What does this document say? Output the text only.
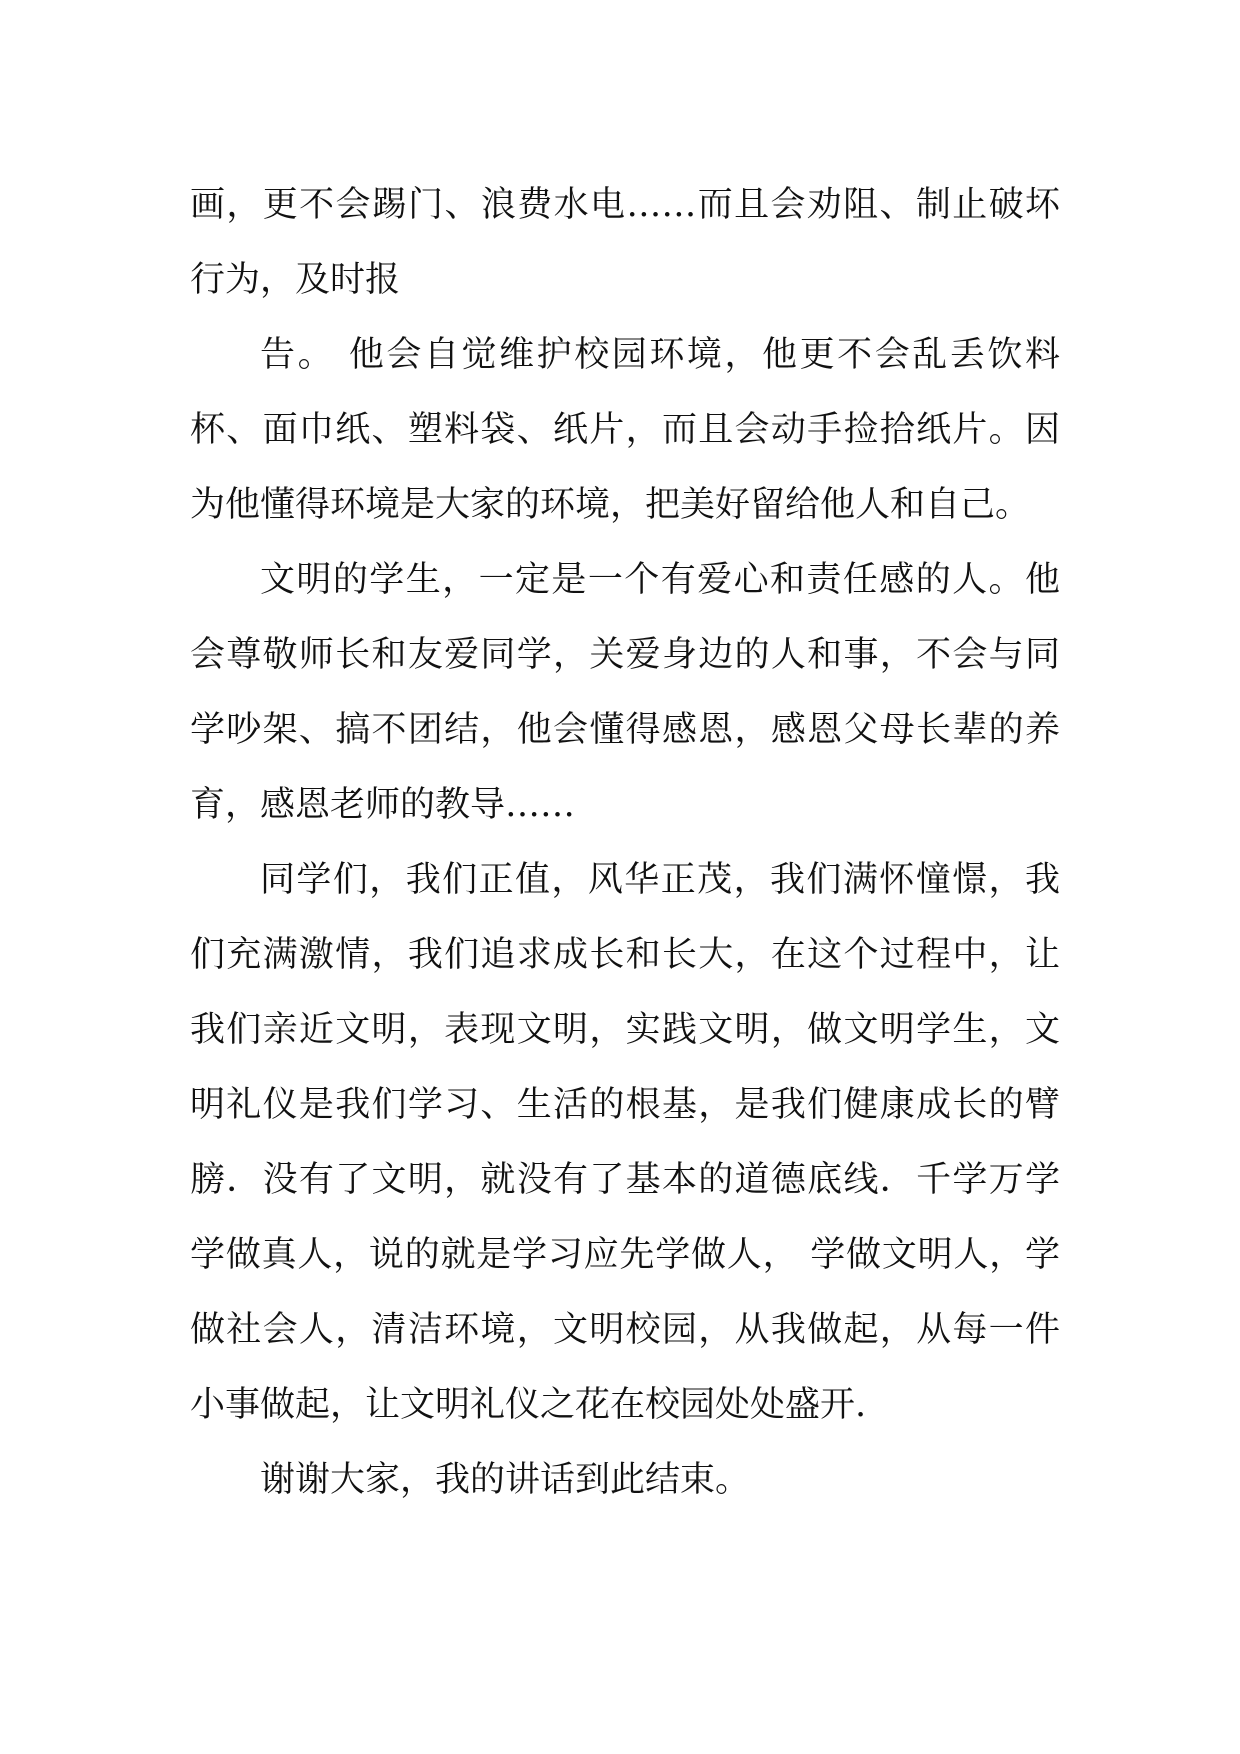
画，更不会踢门、浪费水电……而且会劝阻、制止破坏行为，及时报

告。 他会自觉维护校园环境，他更不会乱丢饮料杯、面巾纸、塑料袋、纸片，而且会动手捡拾纸片。因为他懂得环境是大家的环境，把美好留给他人和自己。

文明的学生，一定是一个有爱心和责任感的人。他会尊敬师长和友爱同学，关爱身边的人和事，不会与同学吵架、搞不团结，他会懂得感恩，感恩父母长辈的养育，感恩老师的教导……

同学们，我们正值，风华正茂，我们满怀憧憬，我们充满激情，我们追求成长和长大，在这个过程中，让我们亲近文明，表现文明，实践文明，做文明学生，文明礼仪是我们学习、生活的根基，是我们健康成长的臂膀．没有了文明，就没有了基本的道德底线．千学万学学做真人，说的就是学习应先学做人， 学做文明人，学做社会人，清洁环境，文明校园，从我做起，从每一件小事做起，让文明礼仪之花在校园处处盛开.

谢谢大家，我的讲话到此结束。
